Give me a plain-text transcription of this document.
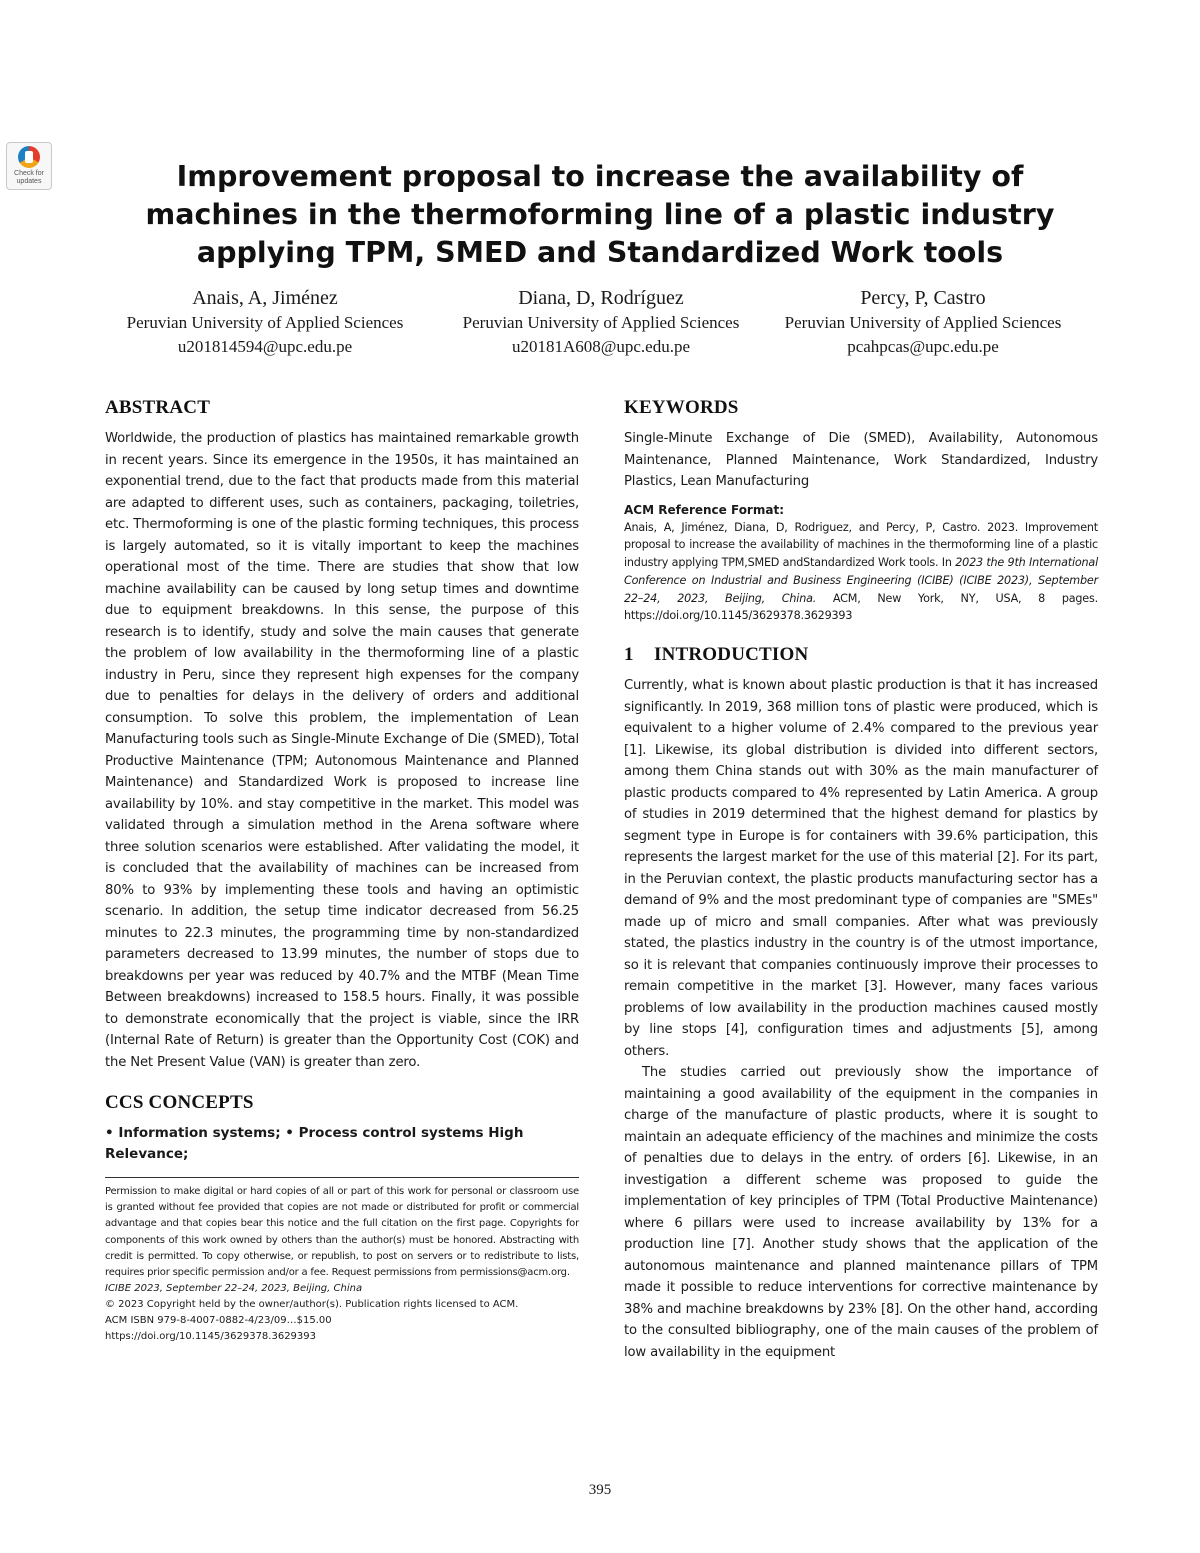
Check for updates	Improvement proposal to increase the availability of machines in the thermoforming line of a plastic industry applying TPM, SMED and Standardized Work tools
Anais, A, Jiménez
Peruvian University of Applied Sciences
u201814594@upc.edu.pe
Diana, D, Rodríguez
Peruvian University of Applied Sciences
u20181A608@upc.edu.pe
Percy, P, Castro
Peruvian University of Applied Sciences
pcahpcas@upc.edu.pe
ABSTRACT

Worldwide, the production of plastics has maintained remarkable growth in recent years. Since its emergence in the 1950s, it has maintained an exponential trend, due to the fact that products made from this material are adapted to different uses, such as containers, packaging, toiletries, etc. Thermoforming is one of the plastic forming techniques, this process is largely automated, so it is vitally important to keep the machines operational most of the time. There are studies that show that low machine availability can be caused by long setup times and downtime due to equipment breakdowns. In this sense, the purpose of this research is to identify, study and solve the main causes that generate the problem of low availability in the thermoforming line of a plastic industry in Peru, since they represent high expenses for the company due to penalties for delays in the delivery of orders and additional consumption. To solve this problem, the implementation of Lean Manufacturing tools such as Single-Minute Exchange of Die (SMED), Total Productive Maintenance (TPM; Autonomous Maintenance and Planned Maintenance) and Standardized Work is proposed to increase line availability by 10%. and stay competitive in the market. This model was validated through a simulation method in the Arena software where three solution scenarios were established. After validating the model, it is concluded that the availability of machines can be increased from 80% to 93% by implementing these tools and having an optimistic scenario. In addition, the setup time indicator decreased from 56.25 minutes to 22.3 minutes, the programming time by non-standardized parameters decreased to 13.99 minutes, the number of stops due to breakdowns per year was reduced by 40.7% and the MTBF (Mean Time Between breakdowns) increased to 158.5 hours. Finally, it was possible to demonstrate economically that the project is viable, since the IRR (Internal Rate of Return) is greater than the Opportunity Cost (COK) and the Net Present Value (VAN) is greater than zero.

CCS CONCEPTS

• Information systems; • Process control systems High Relevance;

Permission to make digital or hard copies of all or part of this work for personal or classroom use is granted without fee provided that copies are not made or distributed for profit or commercial advantage and that copies bear this notice and the full citation on the first page. Copyrights for components of this work owned by others than the author(s) must be honored. Abstracting with credit is permitted. To copy otherwise, or republish, to post on servers or to redistribute to lists, requires prior specific permission and/or a fee. Request permissions from permissions@acm.org.

ICIBE 2023, September 22–24, 2023, Beijing, China

© 2023 Copyright held by the owner/author(s). Publication rights licensed to ACM.

ACM ISBN 979-8-4007-0882-4/23/09…$15.00

https://doi.org/10.1145/3629378.3629393

KEYWORDS

Single-Minute Exchange of Die (SMED), Availability, Autonomous Maintenance, Planned Maintenance, Work Standardized, Industry Plastics, Lean Manufacturing

ACM Reference Format:

Anais, A, Jiménez, Diana, D, Rodriguez, and Percy, P, Castro. 2023. Improvement proposal to increase the availability of machines in the thermoforming line of a plastic industry applying TPM,SMED andStandardized Work tools. In 2023 the 9th International Conference on Industrial and Business Engineering (ICIBE) (ICIBE 2023), September 22–24, 2023, Beijing, China. ACM, New York, NY, USA, 8 pages. https://doi.org/10.1145/3629378.3629393

1 INTRODUCTION

Currently, what is known about plastic production is that it has increased significantly. In 2019, 368 million tons of plastic were produced, which is equivalent to a higher volume of 2.4% compared to the previous year [1]. Likewise, its global distribution is divided into different sectors, among them China stands out with 30% as the main manufacturer of plastic products compared to 4% represented by Latin America. A group of studies in 2019 determined that the highest demand for plastics by segment type in Europe is for containers with 39.6% participation, this represents the largest market for the use of this material [2]. For its part, in the Peruvian context, the plastic products manufacturing sector has a demand of 9% and the most predominant type of companies are "SMEs" made up of micro and small companies. After what was previously stated, the plastics industry in the country is of the utmost importance, so it is relevant that companies continuously improve their processes to remain competitive in the market [3]. However, many faces various problems of low availability in the production machines caused mostly by line stops [4], configuration times and adjustments [5], among others.

The studies carried out previously show the importance of maintaining a good availability of the equipment in the companies in charge of the manufacture of plastic products, where it is sought to maintain an adequate efficiency of the machines and minimize the costs of penalties due to delays in the entry. of orders [6]. Likewise, in an investigation a different scheme was proposed to guide the implementation of key principles of TPM (Total Productive Maintenance) where 6 pillars were used to increase availability by 13% for a production line [7]. Another study shows that the application of the autonomous maintenance and planned maintenance pillars of TPM made it possible to reduce interventions for corrective maintenance by 38% and machine breakdowns by 23% [8]. On the other hand, according to the consulted bibliography, one of the main causes of the problem of low availability in the equipment

395
